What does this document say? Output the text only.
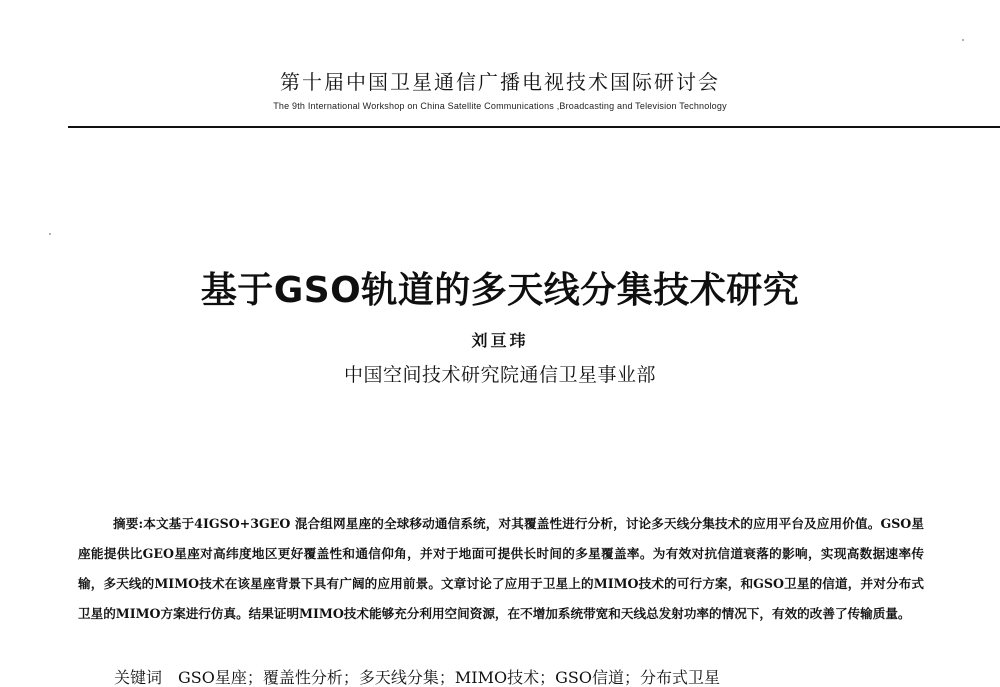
第十届中国卫星通信广播电视技术国际研讨会
The 9th International Workshop on China Satellite Communications ,Broadcasting and Television Technology
基于GSO轨道的多天线分集技术研究
刘亘玮
中国空间技术研究院通信卫星事业部

摘要:本文基于4IGSO+3GEO 混合组网星座的全球移动通信系统，对其覆盖性进行分析，讨论多天线分集技术的应用平台及应用价值。GSO星座能提供比GEO星座对高纬度地区更好覆盖性和通信仰角，并对于地面可提供长时间的多星覆盖率。为有效对抗信道衰落的影响，实现高数据速率传输，多天线的MIMO技术在该星座背景下具有广阔的应用前景。文章讨论了应用于卫星上的MIMO技术的可行方案，和GSO卫星的信道，并对分布式卫星的MIMO方案进行仿真。结果证明MIMO技术能够充分利用空间资源，在不增加系统带宽和天线总发射功率的情况下，有效的改善了传输质量。

关键词 GSO星座；覆盖性分析；多天线分集；MIMO技术；GSO信道；分布式卫星
